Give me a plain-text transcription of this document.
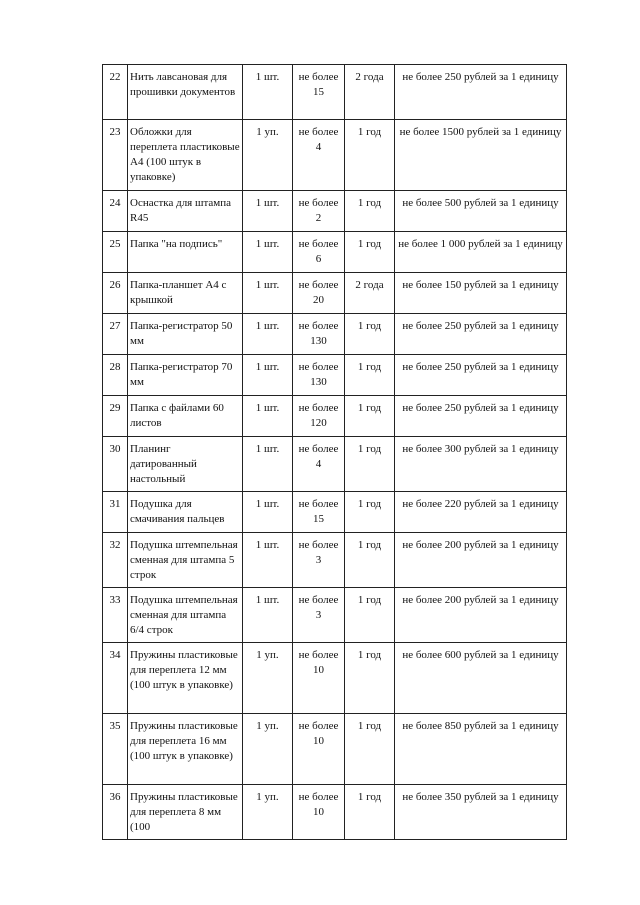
22	Нить лавсановая для прошивки документов	1 шт.	не более 15	2 года	не более 250 рублей за 1 единицу
23	Обложки для переплета пластиковые А4 (100 штук в упаковке)	1 уп.	не более 4	1 год	не более 1500 рублей за 1 единицу
24	Оснастка для штампа R45	1 шт.	не более 2	1 год	не более 500 рублей за 1 единицу
25	Папка "на подпись"	1 шт.	не более 6	1 год	не более 1 000 рублей за 1 единицу
26	Папка-планшет А4 с крышкой	1 шт.	не более 20	2 года	не более 150 рублей за 1 единицу
27	Папка-регистратор 50 мм	1 шт.	не более 130	1 год	не более 250 рублей за 1 единицу
28	Папка-регистратор 70 мм	1 шт.	не более 130	1 год	не более 250 рублей за 1 единицу
29	Папка с файлами 60 листов	1 шт.	не более 120	1 год	не более 250 рублей за 1 единицу
30	Планинг датированный настольный	1 шт.	не более 4	1 год	не более 300 рублей за 1 единицу
31	Подушка для смачивания пальцев	1 шт.	не более 15	1 год	не более 220 рублей за 1 единицу
32	Подушка штемпельная сменная для штампа 5 строк	1 шт.	не более 3	1 год	не более 200 рублей за 1 единицу
33	Подушка штемпельная сменная для штампа 6/4 строк	1 шт.	не более 3	1 год	не более 200 рублей за 1 единицу
34	Пружины пластиковые для переплета 12 мм (100 штук в упаковке)	1 уп.	не более 10	1 год	не более 600 рублей за 1 единицу
35	Пружины пластиковые для переплета 16 мм (100 штук в упаковке)	1 уп.	не более 10	1 год	не более 850 рублей за 1 единицу
36	Пружины пластиковые для переплета 8 мм (100	1 уп.	не более 10	1 год	не более 350 рублей за 1 единицу
